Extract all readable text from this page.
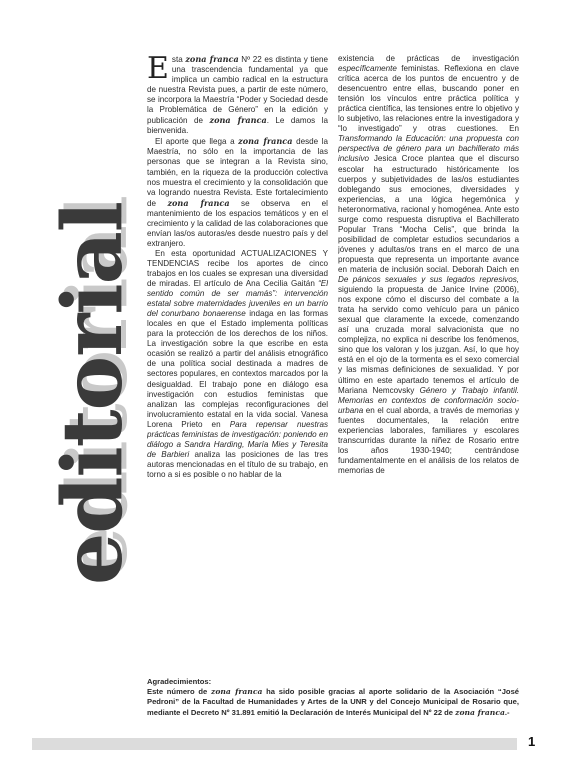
editorial

Esta zona franca Nº 22 es distinta y tiene una trascendencia fundamental ya que implica un cambio radical en la estructura de nuestra Revista pues, a partir de este número, se incorpora la Maestría “Poder y Sociedad desde la Problemática de Género” en la edición y publicación de zona franca. Le damos la bienvenida.

El aporte que llega a zona franca desde la Maestría, no sólo en la importancia de las personas que se integran a la Revista sino, también, en la riqueza de la producción colectiva nos muestra el crecimiento y la consolidación que va logrando nuestra Revista. Este fortalecimiento de zona franca se observa en el mantenimiento de los espacios temáticos y en el crecimiento y la calidad de las colaboraciones que envían las/os autoras/es desde nuestro país y del extranjero.

En esta oportunidad ACTUALIZACIONES Y TENDENCIAS recibe los aportes de cinco trabajos en los cuales se expresan una diversidad de miradas. El artículo de Ana Cecilia Gaitán “El sentido común de ser mamás”: intervención estatal sobre maternidades juveniles en un barrio del conurbano bonaerense indaga en las formas locales en que el Estado implementa políticas para la protección de los derechos de los niños. La investigación sobre la que escribe en esta ocasión se realizó a partir del análisis etnográfico de una política social destinada a madres de sectores populares, en contextos marcados por la desigualdad. El trabajo pone en diálogo esa investigación con estudios feministas que analizan las complejas reconfiguraciones del involucramiento estatal en la vida social. Vanesa Lorena Prieto en Para repensar nuestras prácticas feministas de investigación: poniendo en diálogo a Sandra Harding, María Mies y Teresita de Barbieri analiza las posiciones de las tres autoras mencionadas en el título de su trabajo, en torno a si es posible o no hablar de la

existencia de prácticas de investigación específicamente feministas. Reflexiona en clave crítica acerca de los puntos de encuentro y de desencuentro entre ellas, buscando poner en tensión los vínculos entre práctica política y práctica científica, las tensiones entre lo objetivo y lo subjetivo, las relaciones entre la investigadora y “lo investigado” y otras cuestiones. En Transformando la Educación: una propuesta con perspectiva de género para un bachillerato más inclusivo Jesica Croce plantea que el discurso escolar ha estructurado históricamente los cuerpos y subjetividades de las/os estudiantes doblegando sus emociones, diversidades y experiencias, a una lógica hegemónica y heteronormativa, racional y homogénea. Ante esto surge como respuesta disruptiva el Bachillerato Popular Trans “Mocha Celis”, que brinda la posibilidad de completar estudios secundarios a jóvenes y adultas/os trans en el marco de una propuesta que representa un importante avance en materia de inclusión social. Deborah Daich en De pánicos sexuales y sus legados represivos, siguiendo la propuesta de Janice Irvine (2006), nos expone cómo el discurso del combate a la trata ha servido como vehículo para un pánico sexual que claramente la excede, comenzando así una cruzada moral salvacionista que no complejiza, no explica ni describe los fenómenos, sino que los valoran y los juzgan. Así, lo que hoy está en el ojo de la tormenta es el sexo comercial y las mismas definiciones de sexualidad. Y por último en este apartado tenemos el artículo de Mariana Nemcovsky Género y Trabajo infantil. Memorias en contextos de conformación socio- urbana en el cual aborda, a través de memorias y fuentes documentales, la relación entre experiencias laborales, familiares y escolares transcurridas durante la niñez de Rosario entre los años 1930-1940; centrándose fundamentalmente en el análisis de los relatos de memorias de

Agradecimientos:
Este número de zona franca ha sido posible gracias al aporte solidario de la Asociación “José Pedroni” de la Facultad de Humanidades y Artes de la UNR y del Concejo Municipal de Rosario que, mediante el Decreto Nº 31.891 emitió la Declaración de Interés Municipal del Nº 22 de zona franca.-
1
